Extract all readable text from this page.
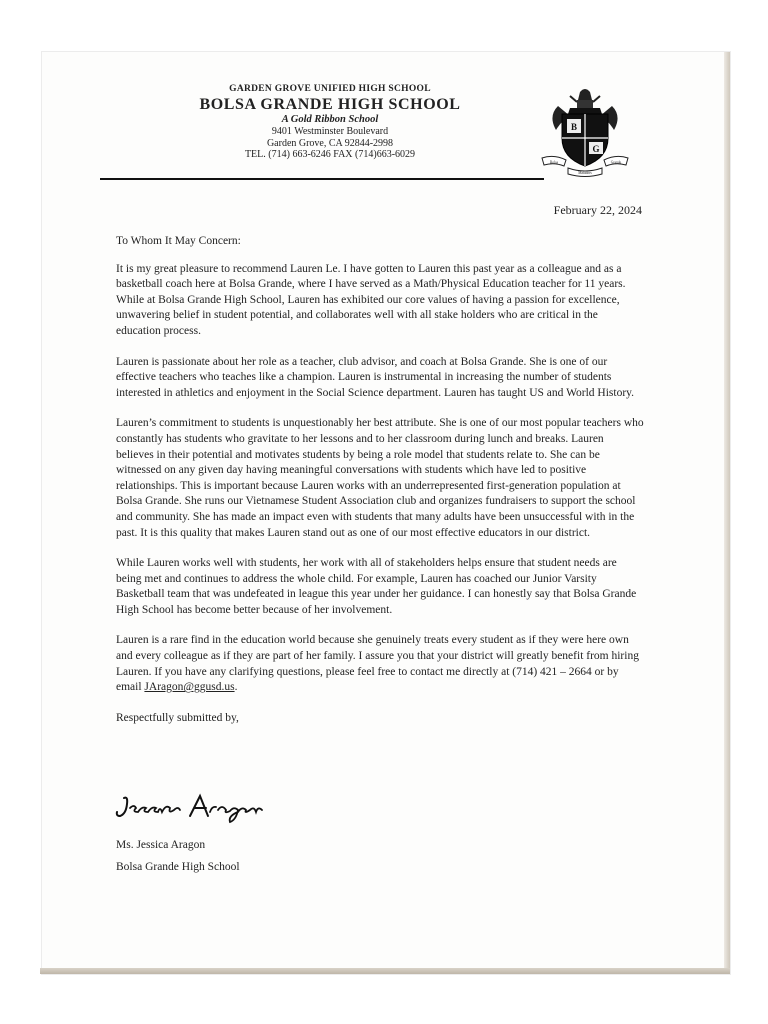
GARDEN GROVE UNIFIED HIGH SCHOOL
BOLSA GRANDE HIGH SCHOOL
A Gold Ribbon School
9401 Westminster Boulevard
Garden Grove, CA 92844-2998
TEL. (714) 663-6246 FAX (714)663-6029
B
G
Bolsa	Grande
Matadors
February 22, 2024

To Whom It May Concern:

It is my great pleasure to recommend Lauren Le. I have gotten to Lauren this past year as a colleague and as a basketball coach here at Bolsa Grande, where I have served as a Math/Physical Education teacher for 11 years. While at Bolsa Grande High School, Lauren has exhibited our core values of having a passion for excellence, unwavering belief in student potential, and collaborates well with all stake holders who are critical in the education process.

Lauren is passionate about her role as a teacher, club advisor, and coach at Bolsa Grande. She is one of our effective teachers who teaches like a champion. Lauren is instrumental in increasing the number of students interested in athletics and enjoyment in the Social Science department. Lauren has taught US and World History.

Lauren’s commitment to students is unquestionably her best attribute. She is one of our most popular teachers who constantly has students who gravitate to her lessons and to her classroom during lunch and breaks. Lauren believes in their potential and motivates students by being a role model that students relate to. She can be witnessed on any given day having meaningful conversations with students which have led to positive relationships. This is important because Lauren works with an underrepresented first-generation population at Bolsa Grande. She runs our Vietnamese Student Association club and organizes fundraisers to support the school and community. She has made an impact even with students that many adults have been unsuccessful with in the past. It is this quality that makes Lauren stand out as one of our most effective educators in our district.

While Lauren works well with students, her work with all of stakeholders helps ensure that student needs are being met and continues to address the whole child. For example, Lauren has coached our Junior Varsity Basketball team that was undefeated in league this year under her guidance. I can honestly say that Bolsa Grande High School has become better because of her involvement.

Lauren is a rare find in the education world because she genuinely treats every student as if they were here own and every colleague as if they are part of her family. I assure you that your district will greatly benefit from hiring Lauren. If you have any clarifying questions, please feel free to contact me directly at (714) 421 – 2664 or by email JAragon@ggusd.us.

Respectfully submitted by,

Ms. Jessica Aragon
Bolsa Grande High School
